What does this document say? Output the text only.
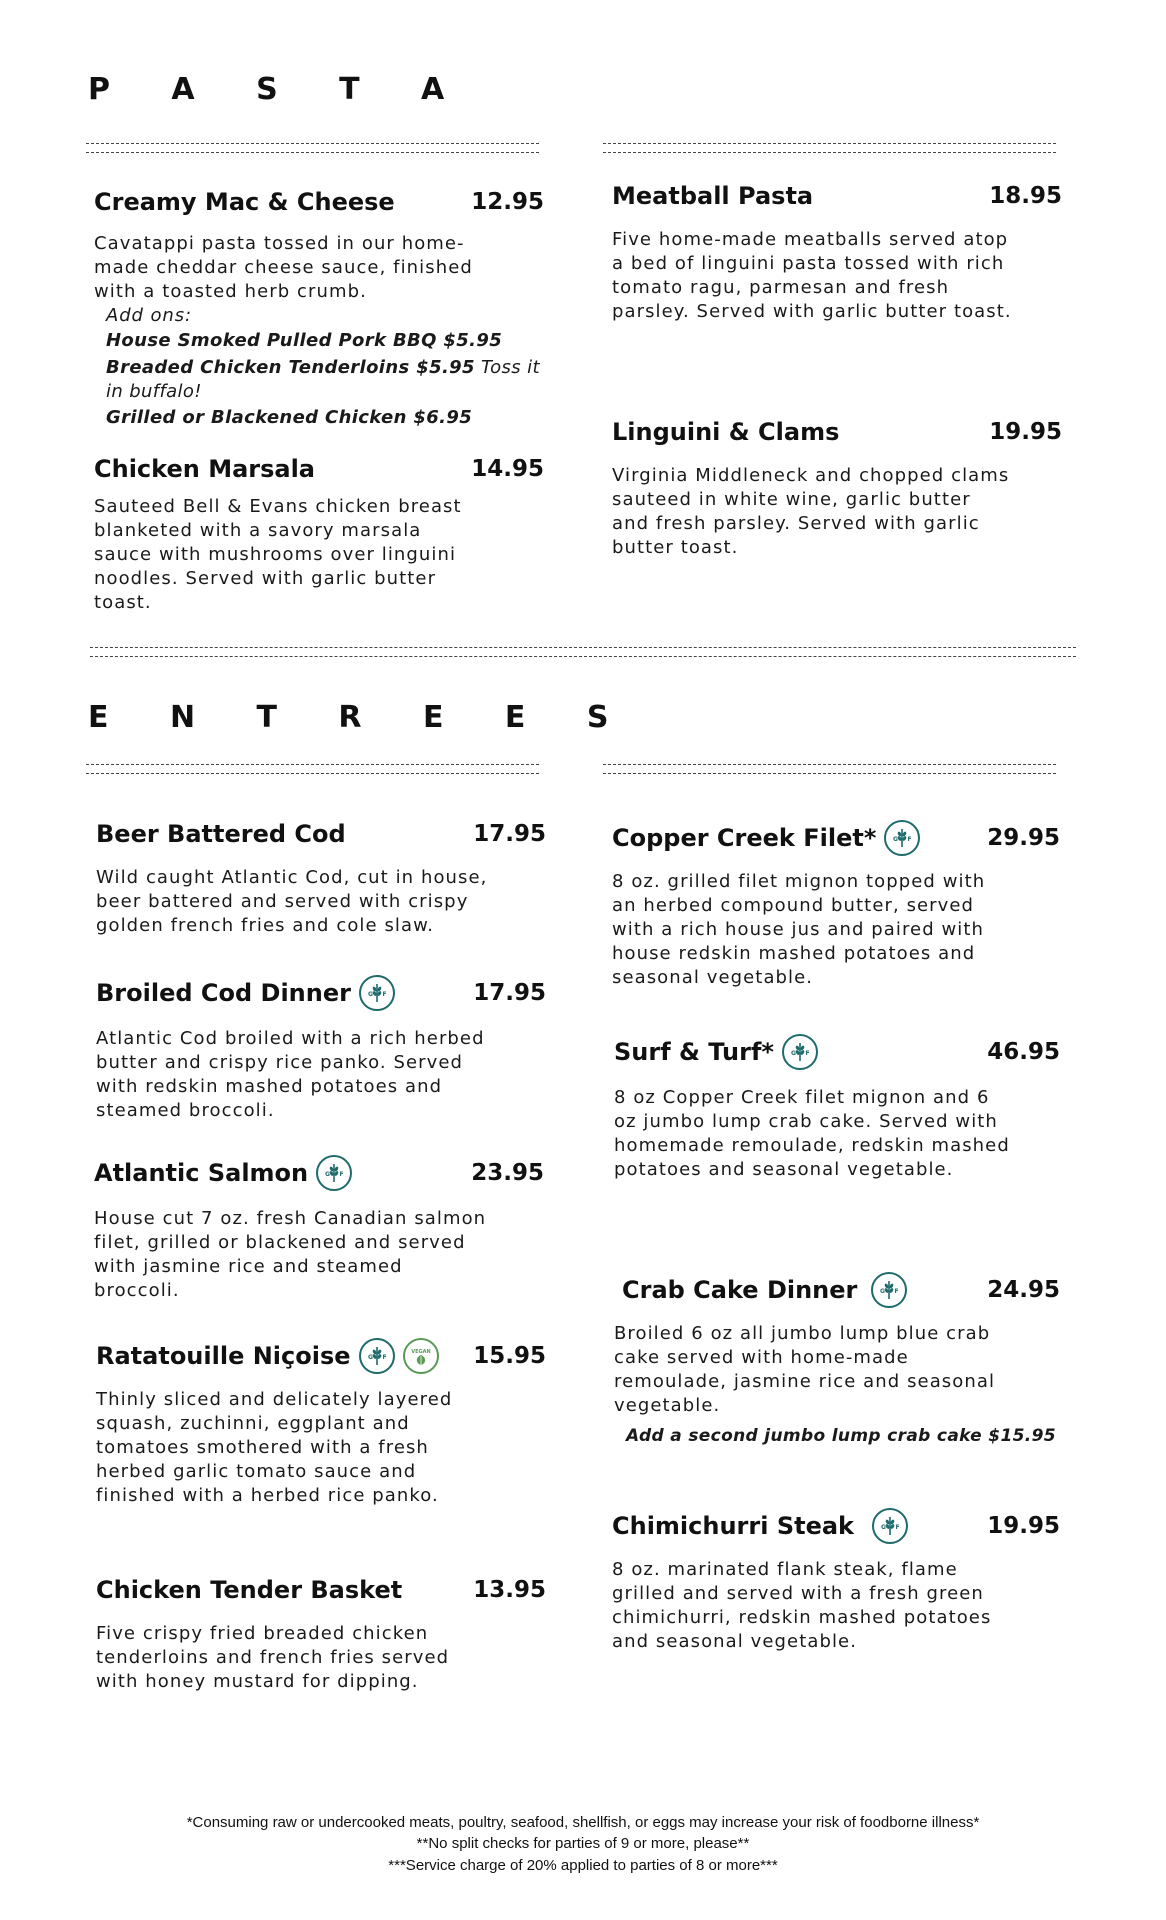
P A S T A
Creamy Mac & Cheese	12.95
Cavatappi pasta tossed in our home-made cheddar cheese sauce, finished with a toasted herb crumb.
Add ons:
House Smoked Pulled Pork BBQ $5.95
Breaded Chicken Tenderloins $5.95 Toss it in buffalo!
Grilled or Blackened Chicken $6.95
Chicken Marsala	14.95
Sauteed Bell & Evans chicken breast blanketed with a savory marsala sauce with mushrooms over linguini noodles. Served with garlic butter toast.
Meatball Pasta	18.95
Five home-made meatballs served atop a bed of linguini pasta tossed with rich tomato ragu, parmesan and fresh parsley. Served with garlic butter toast.
Linguini & Clams	19.95
Virginia Middleneck and chopped clams sauteed in white wine, garlic butter and fresh parsley. Served with garlic butter toast.
E N T R E E S
Beer Battered Cod	17.95
Wild caught Atlantic Cod, cut in house, beer battered and served with crispy golden french fries and cole slaw.
Broiled Cod Dinner	G F	17.95
Atlantic Cod broiled with a rich herbed butter and crispy rice panko. Served with redskin mashed potatoes and steamed broccoli.
Atlantic Salmon	G F	23.95
House cut 7 oz. fresh Canadian salmon filet, grilled or blackened and served with jasmine rice and steamed broccoli.
Ratatouille Niçoise	G F
VEGAN 15.95
Thinly sliced and delicately layered squash, zuchinni, eggplant and tomatoes smothered with a fresh herbed garlic tomato sauce and finished with a herbed rice panko.
Chicken Tender Basket	13.95
Five crispy fried breaded chicken tenderloins and french fries served with honey mustard for dipping.
Copper Creek Filet*	G F	29.95
8 oz. grilled filet mignon topped with an herbed compound butter, served with a rich house jus and paired with house redskin mashed potatoes and seasonal vegetable.
Surf & Turf*	G F	46.95
8 oz Copper Creek filet mignon and 6 oz jumbo lump crab cake. Served with homemade remoulade, redskin mashed potatoes and seasonal vegetable.
Crab Cake Dinner	G F	24.95
Broiled 6 oz all jumbo lump blue crab cake served with home-made remoulade, jasmine rice and seasonal vegetable.
Add a second jumbo lump crab cake $15.95
Chimichurri Steak	G F	19.95
8 oz. marinated flank steak, flame grilled and served with a fresh green chimichurri, redskin mashed potatoes and seasonal vegetable.
*Consuming raw or undercooked meats, poultry, seafood, shellfish, or eggs may increase your risk of foodborne illness*
**No split checks for parties of 9 or more, please**
***Service charge of 20% applied to parties of 8 or more***
